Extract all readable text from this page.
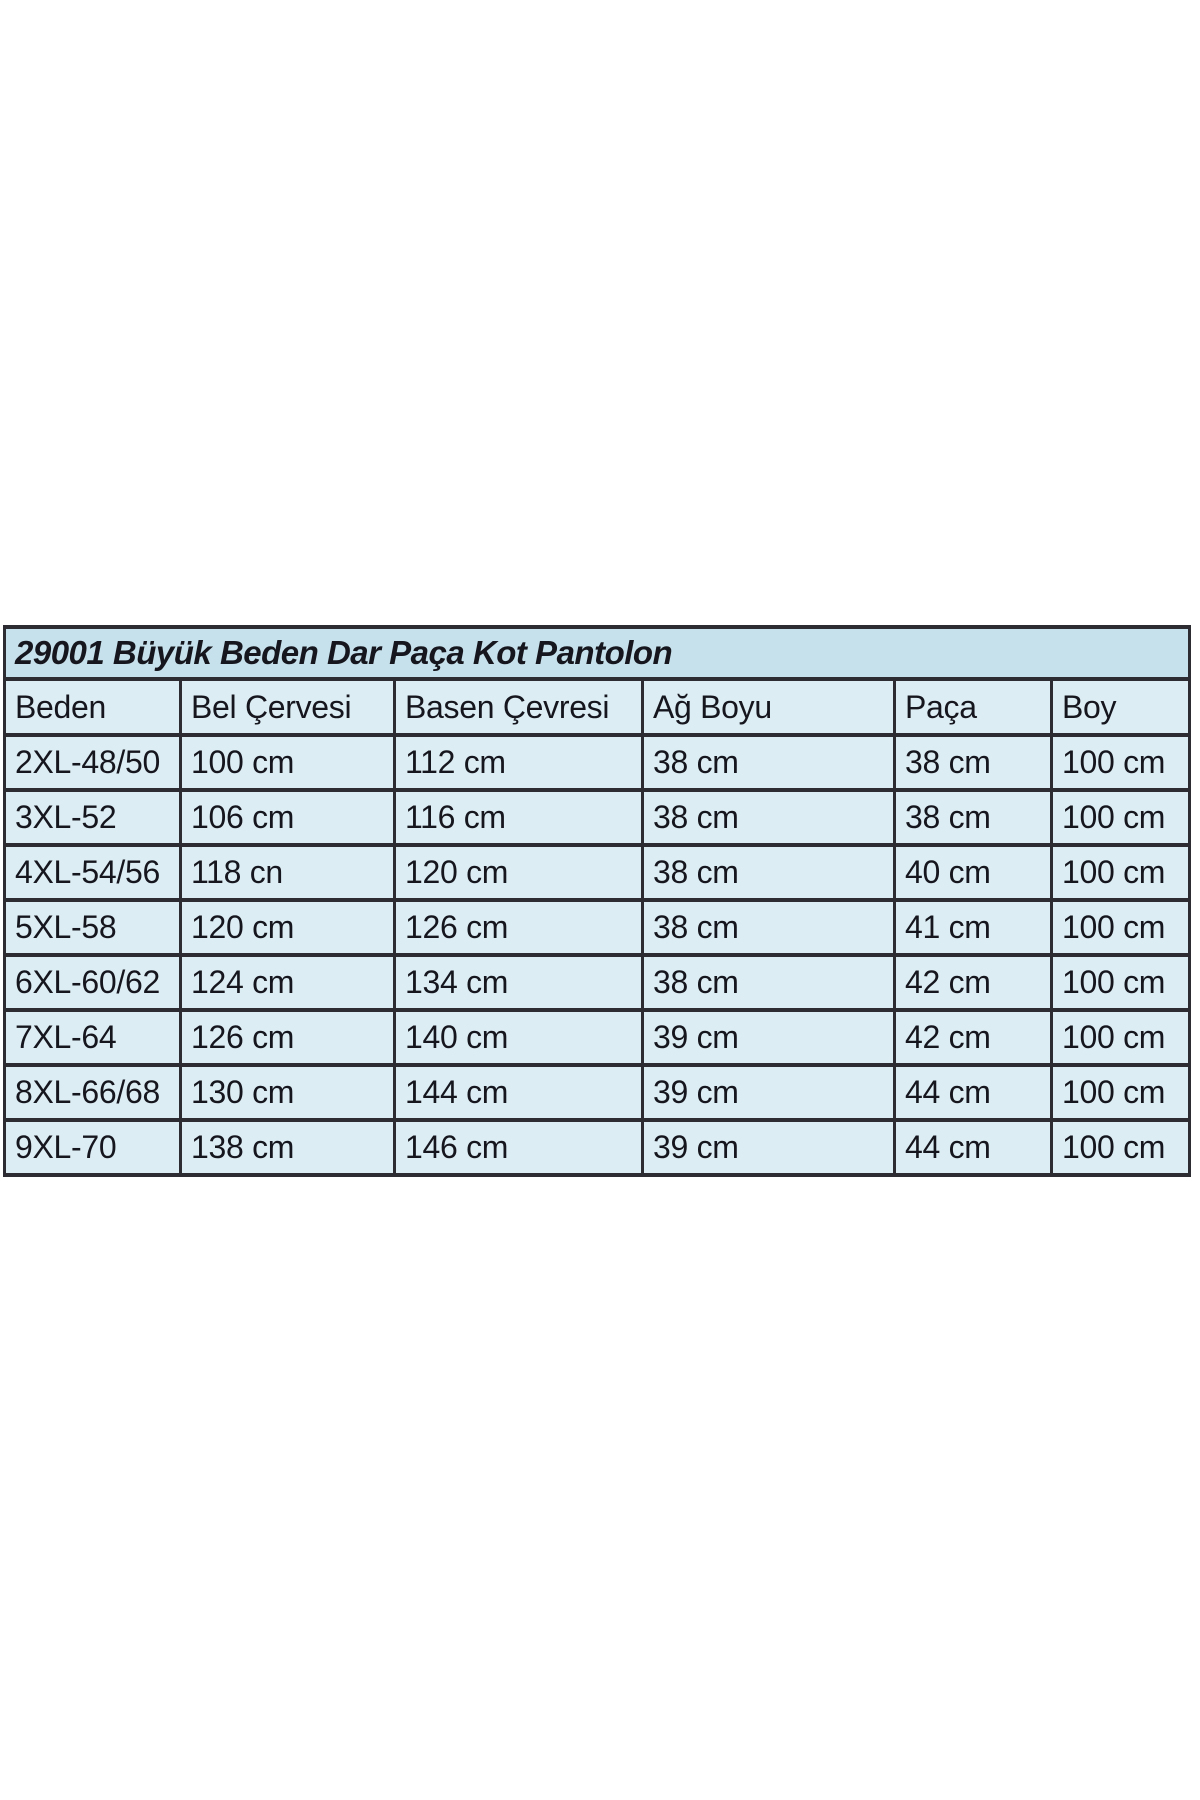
29001 Büyük Beden Dar Paça Kot Pantolon					
Beden	Bel Çervesi	Basen Çevresi	Ağ Boyu	Paça	Boy
2XL-48/50	100 cm	112 cm	38 cm	38 cm	100 cm
3XL-52	106 cm	116 cm	38 cm	38 cm	100 cm
4XL-54/56	118 cn	120 cm	38 cm	40 cm	100 cm
5XL-58	120 cm	126 cm	38 cm	41 cm	100 cm
6XL-60/62	124 cm	134 cm	38 cm	42 cm	100 cm
7XL-64	126 cm	140 cm	39 cm	42 cm	100 cm
8XL-66/68	130 cm	144 cm	39 cm	44 cm	100 cm
9XL-70	138 cm	146 cm	39 cm	44 cm	100 cm
